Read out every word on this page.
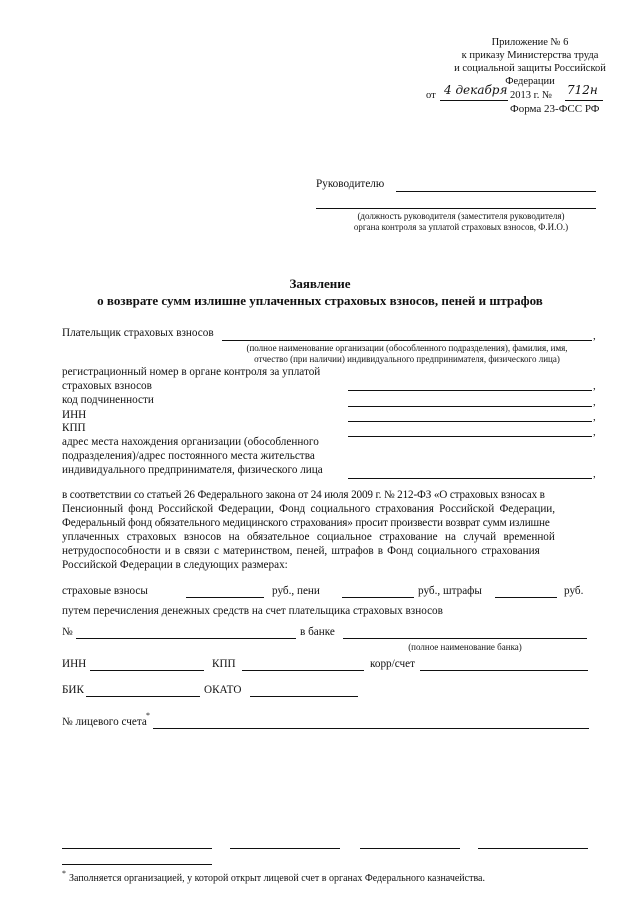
Приложение № 6
к приказу Министерства труда
и социальной защиты Российской
Федерации
от 4 декабря 2013 г. № 712н
Форма 23-ФСС РФ
Руководителю
(должность руководителя (заместителя руководителя)
органа контроля за уплатой страховых взносов, Ф.И.О.)
Заявление
о возврате сумм излишне уплаченных страховых взносов, пеней и штрафов
Плательщик страховых взносов	,
(полное наименование организации (обособленного подразделения), фамилия, имя,
отчество (при наличии) индивидуального предпринимателя, физического лица)
регистрационный номер в органе контроля за уплатой
страховых взносов	,
код подчиненности	,
ИНН	,
КПП	,
адрес места нахождения организации (обособленного
подразделения)/адрес постоянного места жительства
индивидуального предпринимателя, физического лица	,
в соответствии со статьей 26 Федерального закона от 24 июля 2009 г. № 212-ФЗ «О страховых взносах в
Пенсионный фонд Российской Федерации, Фонд социального страхования Российской Федерации,
Федеральный фонд обязательного медицинского страхования» просит произвести возврат сумм излишне
уплаченных страховых взносов на обязательное социальное страхование на случай временной
нетрудоспособности и в связи с материнством, пеней, штрафов в Фонд социального страхования
Российской Федерации в следующих размерах:
страховые взносы	руб., пени	руб., штрафы	руб.
путем перечисления денежных средств на счет плательщика страховых взносов
№	в банке
(полное наименование банка)
ИНН	КПП	корр/счет
БИК	ОКАТО
№ лицевого счета
*
* Заполняется организацией, у которой открыт лицевой счет в органах Федерального казначейства.
